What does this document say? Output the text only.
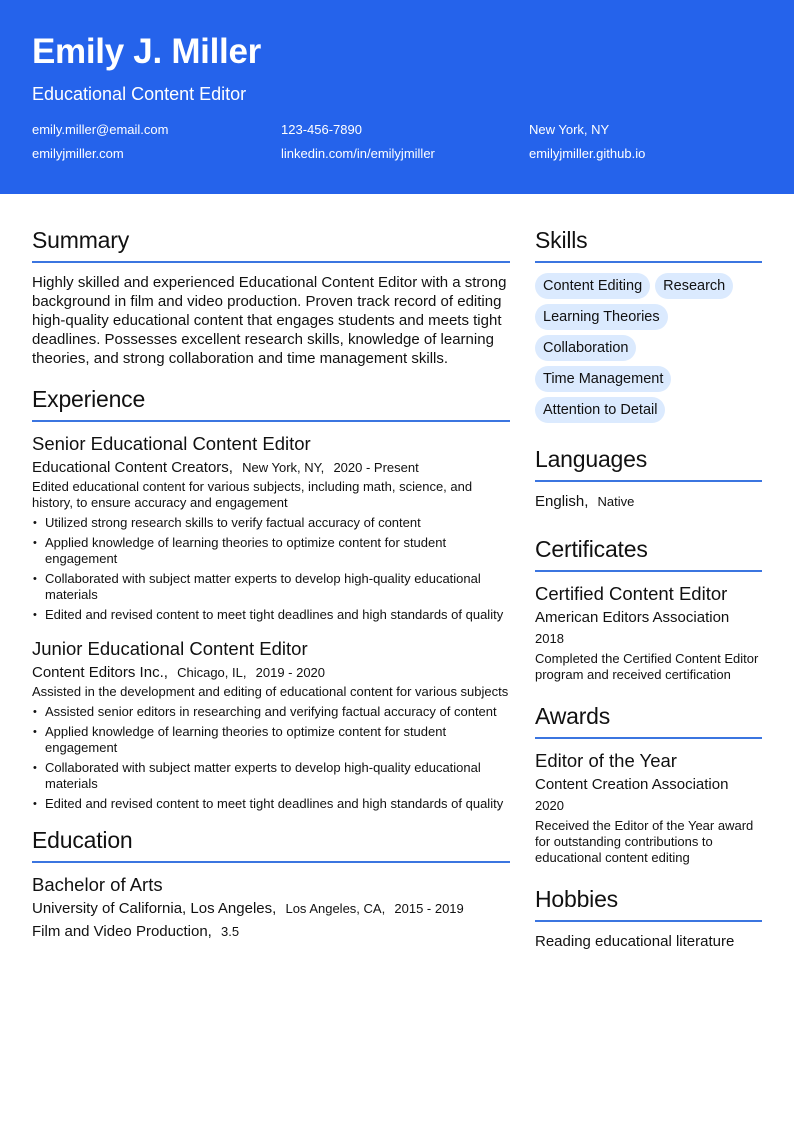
Emily J. Miller
Educational Content Editor
emily.miller@email.com	123-456-7890	New York, NY
emilyjmiller.com	linkedin.com/in/emilyjmiller	emilyjmiller.github.io
Summary
Highly skilled and experienced Educational Content Editor with a strong background in film and video production. Proven track record of editing high-quality educational content that engages students and meets tight deadlines. Possesses excellent research skills, knowledge of learning theories, and strong collaboration and time management skills.
Experience
Senior Educational Content Editor
Educational Content Creators, New York, NY, 2020 - Present
Edited educational content for various subjects, including math, science, and history, to ensure accuracy and engagement
• Utilized strong research skills to verify factual accuracy of content
• Applied knowledge of learning theories to optimize content for student engagement
• Collaborated with subject matter experts to develop high-quality educational materials
• Edited and revised content to meet tight deadlines and high standards of quality
Junior Educational Content Editor
Content Editors Inc., Chicago, IL, 2019 - 2020
Assisted in the development and editing of educational content for various subjects
• Assisted senior editors in researching and verifying factual accuracy of content
• Applied knowledge of learning theories to optimize content for student engagement
• Collaborated with subject matter experts to develop high-quality educational materials
• Edited and revised content to meet tight deadlines and high standards of quality
Education
Bachelor of Arts
University of California, Los Angeles, Los Angeles, CA, 2015 - 2019
Film and Video Production, 3.5
Skills
Content Editing	Research
Learning Theories
Collaboration
Time Management
Attention to Detail
Languages
English, Native
Certificates
Certified Content Editor
American Editors Association
2018
Completed the Certified Content Editor program and received certification
Awards
Editor of the Year
Content Creation Association
2020
Received the Editor of the Year award for outstanding contributions to educational content editing
Hobbies
Reading educational literature
